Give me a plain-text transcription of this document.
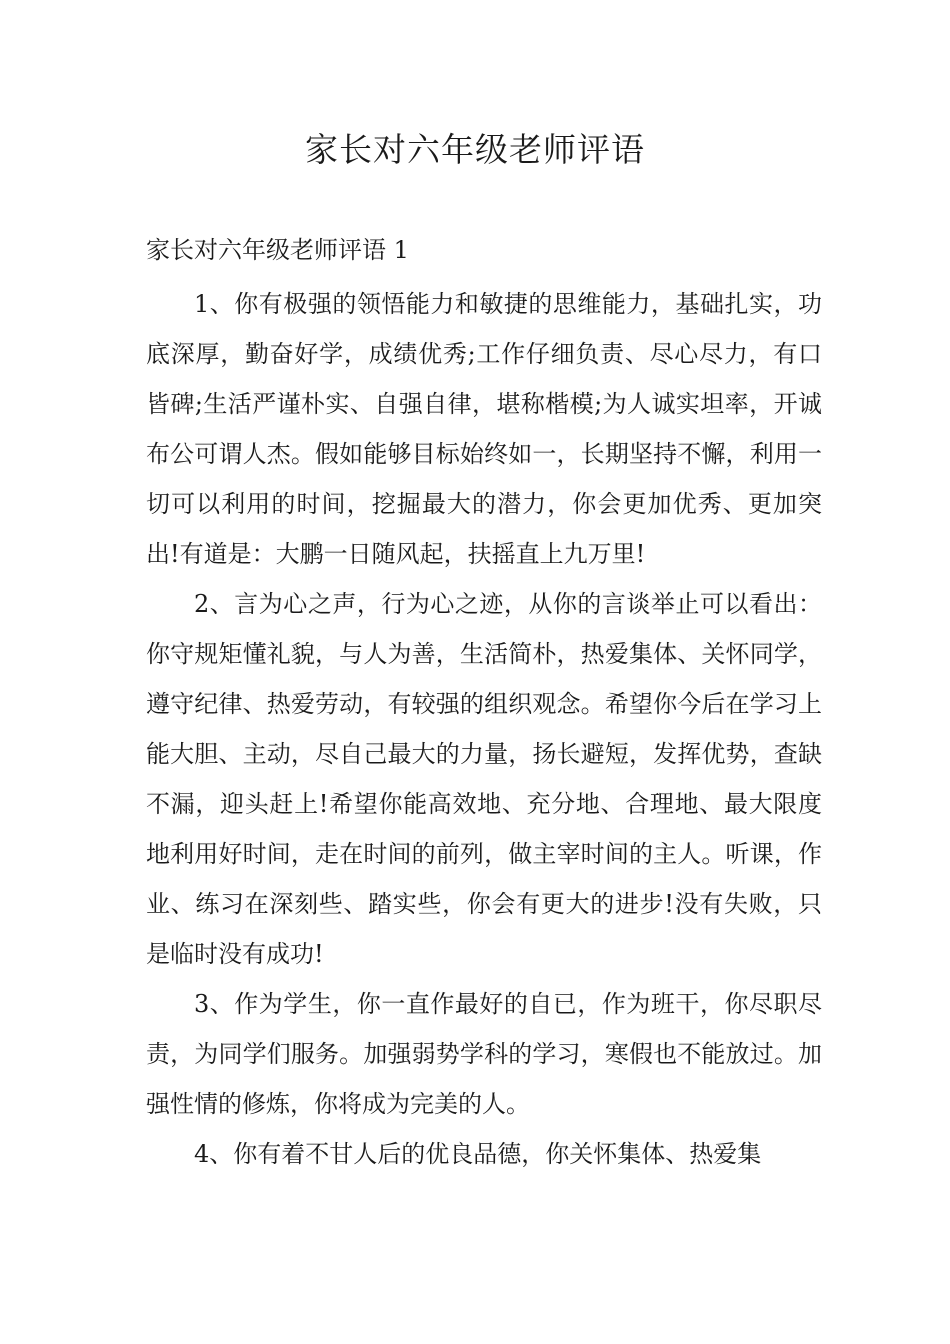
家长对六年级老师评语
家长对六年级老师评语 1

1、你有极强的领悟能力和敏捷的思维能力，基础扎实，功底深厚，勤奋好学，成绩优秀;工作仔细负责、尽心尽力，有口皆碑;生活严谨朴实、自强自律，堪称楷模;为人诚实坦率，开诚布公可谓人杰。假如能够目标始终如一，长期坚持不懈，利用一切可以利用的时间，挖掘最大的潜力，你会更加优秀、更加突出!有道是：大鹏一日随风起，扶摇直上九万里!

2、言为心之声，行为心之迹，从你的言谈举止可以看出：你守规矩懂礼貌，与人为善，生活简朴，热爱集体、关怀同学，遵守纪律、热爱劳动，有较强的组织观念。希望你今后在学习上能大胆、主动，尽自己最大的力量，扬长避短，发挥优势，查缺不漏，迎头赶上!希望你能高效地、充分地、合理地、最大限度地利用好时间，走在时间的前列，做主宰时间的主人。听课，作业、练习在深刻些、踏实些，你会有更大的进步!没有失败，只是临时没有成功!

3、作为学生，你一直作最好的自已，作为班干，你尽职尽责，为同学们服务。加强弱势学科的学习，寒假也不能放过。加强性情的修炼，你将成为完美的人。

4、你有着不甘人后的优良品德，你关怀集体、热爱集
